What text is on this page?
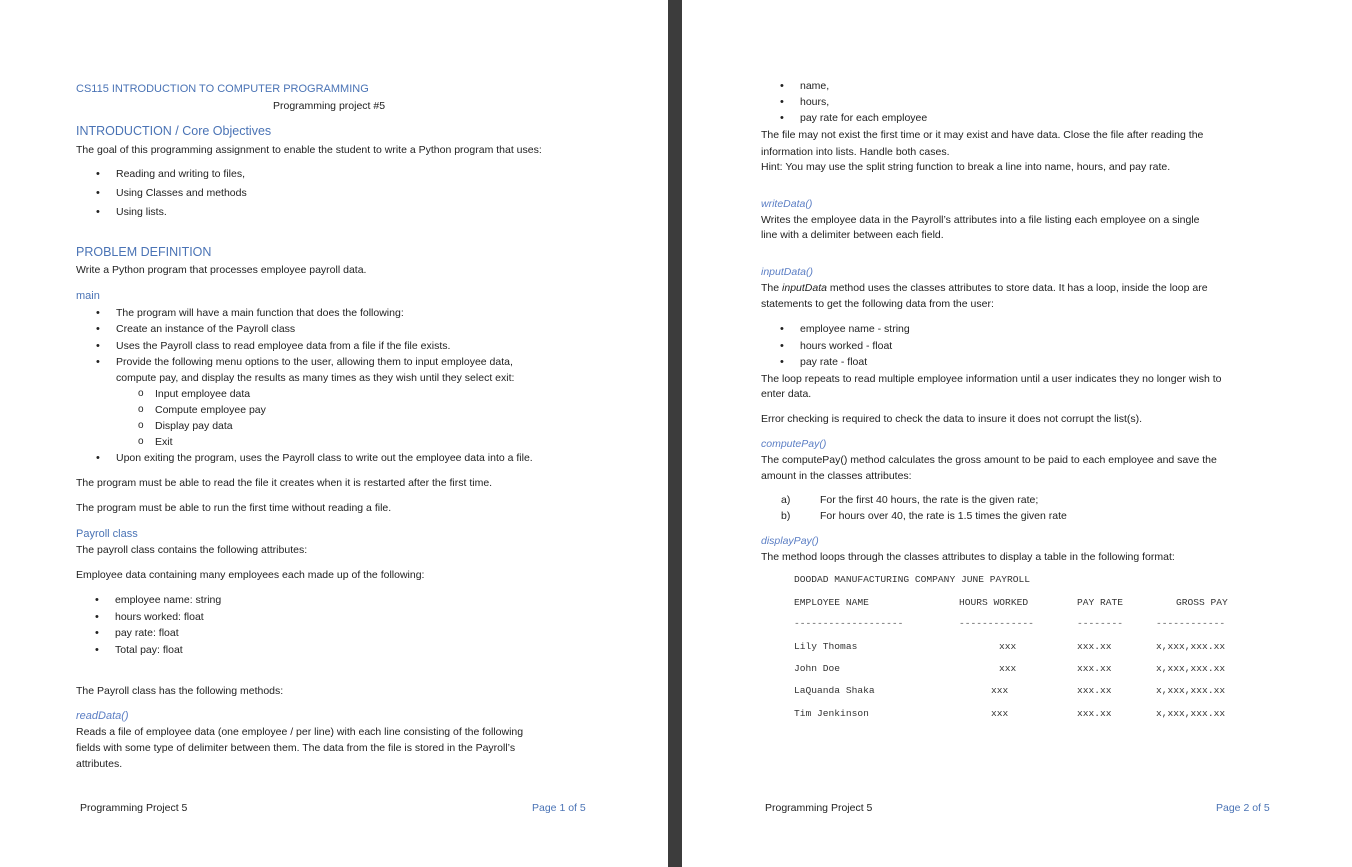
CS115 INTRODUCTION TO COMPUTER PROGRAMMING
Programming project #5
INTRODUCTION / Core Objectives
The goal of this programming assignment to enable the student to write a Python program that uses:
• Reading and writing to files,
• Using Classes and methods
• Using lists.
PROBLEM DEFINITION
Write a Python program that processes employee payroll data.
main
• The program will have a main function that does the following:
• Create an instance of the Payroll class
• Uses the Payroll class to read employee data from a file if the file exists.
• Provide the following menu options to the user, allowing them to input employee data,
compute pay, and display the results as many times as they wish until they select exit:
o Input employee data
o Compute employee pay
o Display pay data
o Exit
• Upon exiting the program, uses the Payroll class to write out the employee data into a file.
The program must be able to read the file it creates when it is restarted after the first time.
The program must be able to run the first time without reading a file.
Payroll class
The payroll class contains the following attributes:
Employee data containing many employees each made up of the following:
• employee name: string
• hours worked: float
• pay rate: float
• Total pay: float
The Payroll class has the following methods:
readData()
Reads a file of employee data (one employee / per line) with each line consisting of the following
fields with some type of delimiter between them. The data from the file is stored in the Payroll’s
attributes.
Programming Project 5	Page 1 of 5
• name,
• hours,
• pay rate for each employee
The file may not exist the first time or it may exist and have data. Close the file after reading the
information into lists. Handle both cases.
Hint: You may use the split string function to break a line into name, hours, and pay rate.
writeData()
Writes the employee data in the Payroll’s attributes into a file listing each employee on a single
line with a delimiter between each field.
inputData()
The inputData method uses the classes attributes to store data. It has a loop, inside the loop are
statements to get the following data from the user:
• employee name - string
• hours worked - float
• pay rate - float
The loop repeats to read multiple employee information until a user indicates they no longer wish to
enter data.
Error checking is required to check the data to insure it does not corrupt the list(s).
computePay()
The computePay() method calculates the gross amount to be paid to each employee and save the
amount in the classes attributes:
a)	For the first 40 hours, the rate is the given rate;
b)	For hours over 40, the rate is 1.5 times the given rate
displayPay()
The method loops through the classes attributes to display a table in the following format:
DOODAD MANUFACTURING COMPANY JUNE PAYROLL
EMPLOYEE NAME	HOURS WORKED	PAY RATE	GROSS PAY
-------------------	-------------	--------	------------
Lily Thomas	xxx	xxx.xx	x,xxx,xxx.xx
John Doe	xxx	xxx.xx	x,xxx,xxx.xx
LaQuanda Shaka	xxx	xxx.xx	x,xxx,xxx.xx
Tim Jenkinson	xxx	xxx.xx	x,xxx,xxx.xx
Programming Project 5	Page 2 of 5
